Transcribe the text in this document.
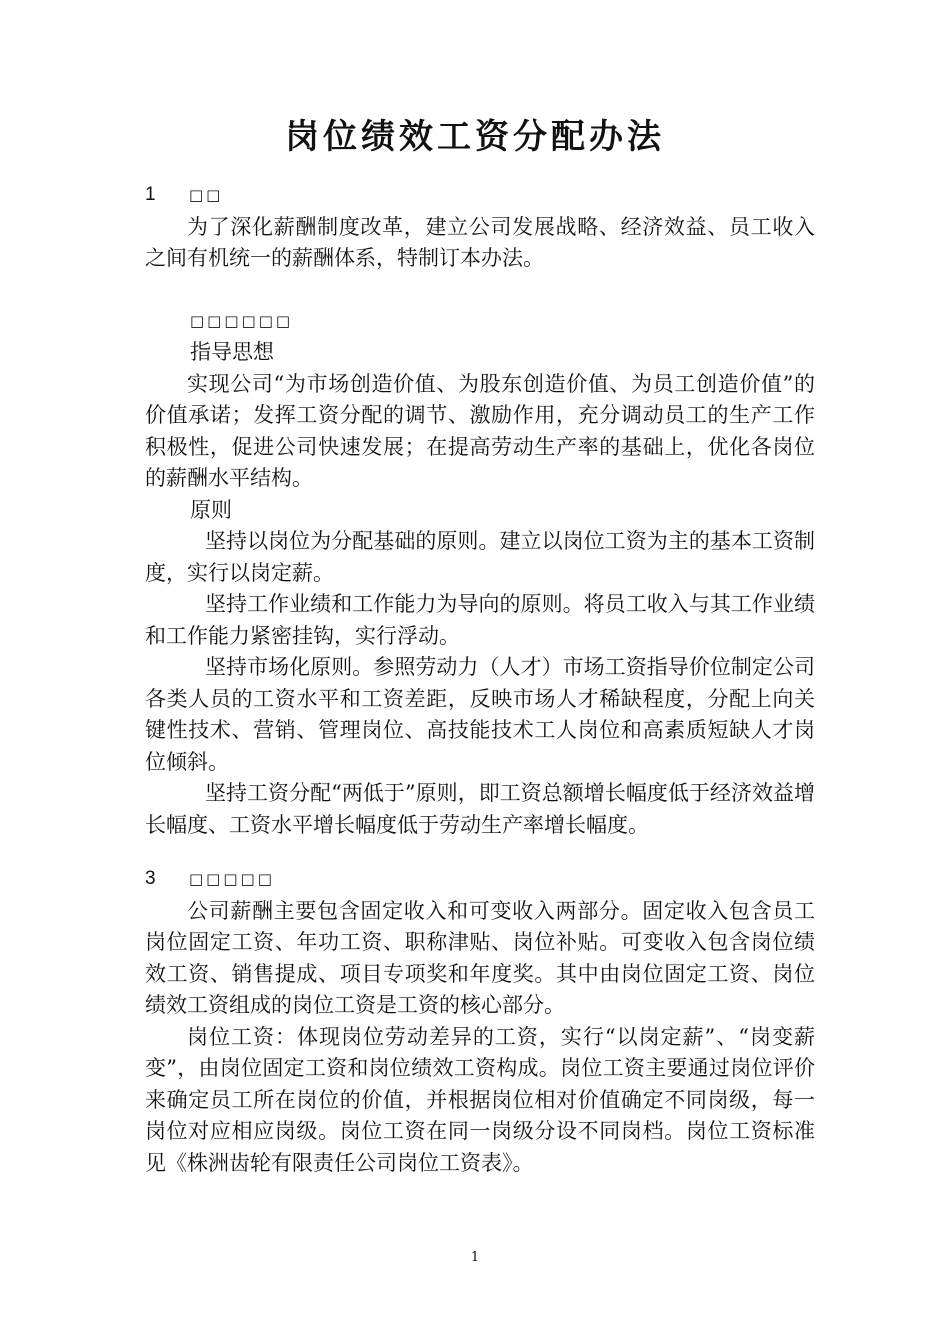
岗位绩效工资分配办法
1 □□

为了深化薪酬制度改革，建立公司发展战略、经济效益、员工收入之间有机统一的薪酬体系，特制订本办法。

□□□□□□

指导思想

实现公司“为市场创造价值、为股东创造价值、为员工创造价值”的价值承诺；发挥工资分配的调节、激励作用，充分调动员工的生产工作积极性，促进公司快速发展；在提高劳动生产率的基础上，优化各岗位的薪酬水平结构。

原则

坚持以岗位为分配基础的原则。建立以岗位工资为主的基本工资制度，实行以岗定薪。

坚持工作业绩和工作能力为导向的原则。将员工收入与其工作业绩和工作能力紧密挂钩，实行浮动。

坚持市场化原则。参照劳动力（人才）市场工资指导价位制定公司各类人员的工资水平和工资差距，反映市场人才稀缺程度，分配上向关键性技术、营销、管理岗位、高技能技术工人岗位和高素质短缺人才岗位倾斜。

坚持工资分配“两低于”原则，即工资总额增长幅度低于经济效益增长幅度、工资水平增长幅度低于劳动生产率增长幅度。

3 □□□□□

公司薪酬主要包含固定收入和可变收入两部分。固定收入包含员工岗位固定工资、年功工资、职称津贴、岗位补贴。可变收入包含岗位绩效工资、销售提成、项目专项奖和年度奖。其中由岗位固定工资、岗位绩效工资组成的岗位工资是工资的核心部分。

岗位工资：体现岗位劳动差异的工资，实行“以岗定薪”、“岗变薪变”，由岗位固定工资和岗位绩效工资构成。岗位工资主要通过岗位评价来确定员工所在岗位的价值，并根据岗位相对价值确定不同岗级，每一岗位对应相应岗级。岗位工资在同一岗级分设不同岗档。岗位工资标准见《株洲齿轮有限责任公司岗位工资表》。

1
